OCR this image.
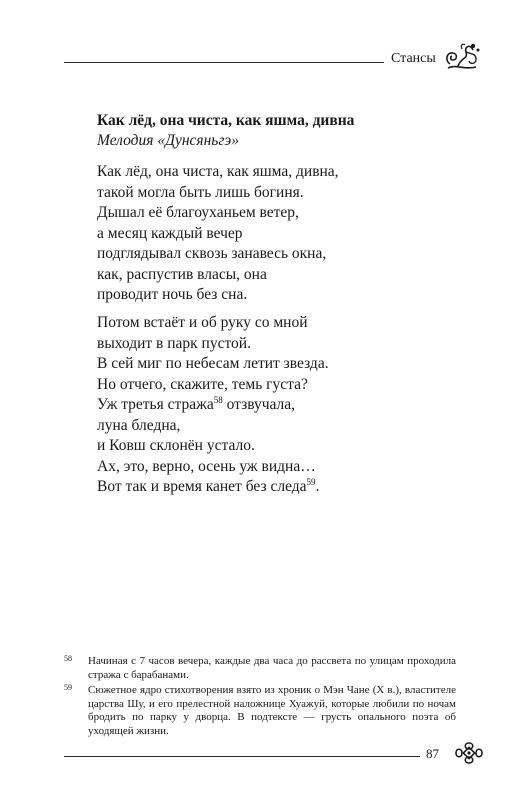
Стансы
Как лёд, она чиста, как яшма, дивна
Мелодия «Дунсяньгэ»
Как лёд, она чиста, как яшма, дивна,
такой могла быть лишь богиня.
Дышал её благоуханьем ветер,
а месяц каждый вечер
подглядывал сквозь занавесь окна,
как, распустив власы, она
проводит ночь без сна.
Потом встаёт и об руку со мной
выходит в парк пустой.
В сей миг по небесам летит звезда.
Но отчего, скажите, темь густа?
Уж третья стража$^{58}$ отзвучала,
луна бледна,
и Ковш склонён устало.
Ах, это, верно, осень уж видна…
Вот так и время канет без следа$^{59}$.
58 Начиная с 7 часов вечера, каждые два часа до рассвета по улицам проходила стража с барабанами.
59 Сюжетное ядро стихотворения взято из хроник о Мэн Чане (X в.), властителе царства Шу, и его прелестной наложнице Хуажуй, которые любили по ночам бродить по парку у дворца. В подтексте — грусть опального поэта об уходящей жизни.
87
